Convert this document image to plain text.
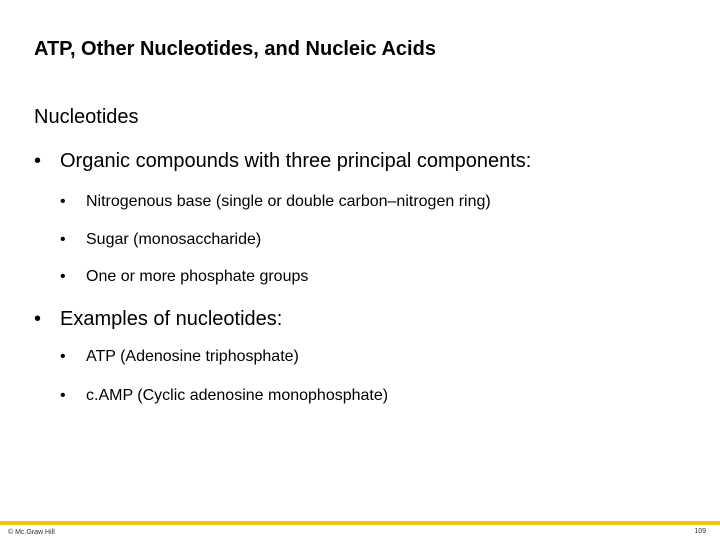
ATP, Other Nucleotides, and Nucleic Acids
Nucleotides
• Organic compounds with three principal components:
• Nitrogenous base (single or double carbon–nitrogen ring)
• Sugar (monosaccharide)
• One or more phosphate groups
• Examples of nucleotides:
• ATP (Adenosine triphosphate)
• c.AMP (Cyclic adenosine monophosphate)
© Mc.Graw Hill	109
